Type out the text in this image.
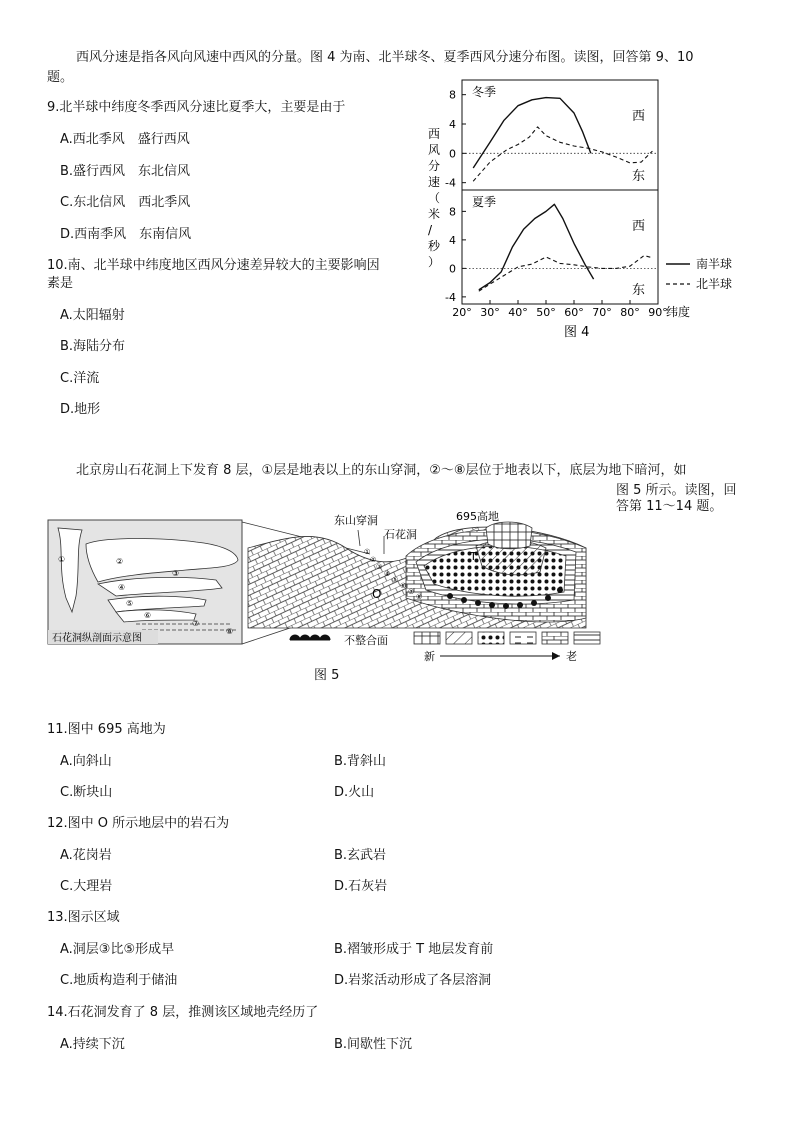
西风分速是指各风向风速中西风的分量。图 4 为南、北半球冬、夏季西风分速分布图。读图，回答第 9、10
题。
9.北半球中纬度冬季西风分速比夏季大，主要是由于
A.西北季风　盛行西风
B.盛行西风　东北信风
C.东北信风　西北季风
D.西南季风　东南信风
10.南、北半球中纬度地区西风分速差异较大的主要影响因
素是
A.太阳辐射
B.海陆分布
C.洋流
D.地形
西
风
分
速
（
米
/
秒
）
8
4
0
-4
冬季
西
东
8
4
0
-4
夏季
西
东
20° 30° 40° 50° 60° 70° 80° 90°
纬度
南半球
北半球
图 4
北京房山石花洞上下发育 8 层，①层是地表以上的东山穿洞，②～⑧层位于地表以下，底层为地下暗河，如
图 5 所示。读图，回
答第 11～14 题。
①	②
③
④
⑤
⑥
⑦
⑧
石花洞纵剖面示意图
①
②
③
④
⑤
⑥
⑦
⑧
东山穿洞
石花洞
695高地
T
O
不整合面
新	老
图 5
11.图中 695 高地为
A.向斜山	B.背斜山
C.断块山	D.火山
12.图中 O 所示地层中的岩石为
A.花岗岩	B.玄武岩
C.大理岩	D.石灰岩
13.图示区域
A.洞层③比⑤形成早	B.褶皱形成于 T 地层发育前
C.地质构造利于储油	D.岩浆活动形成了各层溶洞
14.石花洞发育了 8 层，推测该区域地壳经历了
A.持续下沉	B.间歇性下沉
